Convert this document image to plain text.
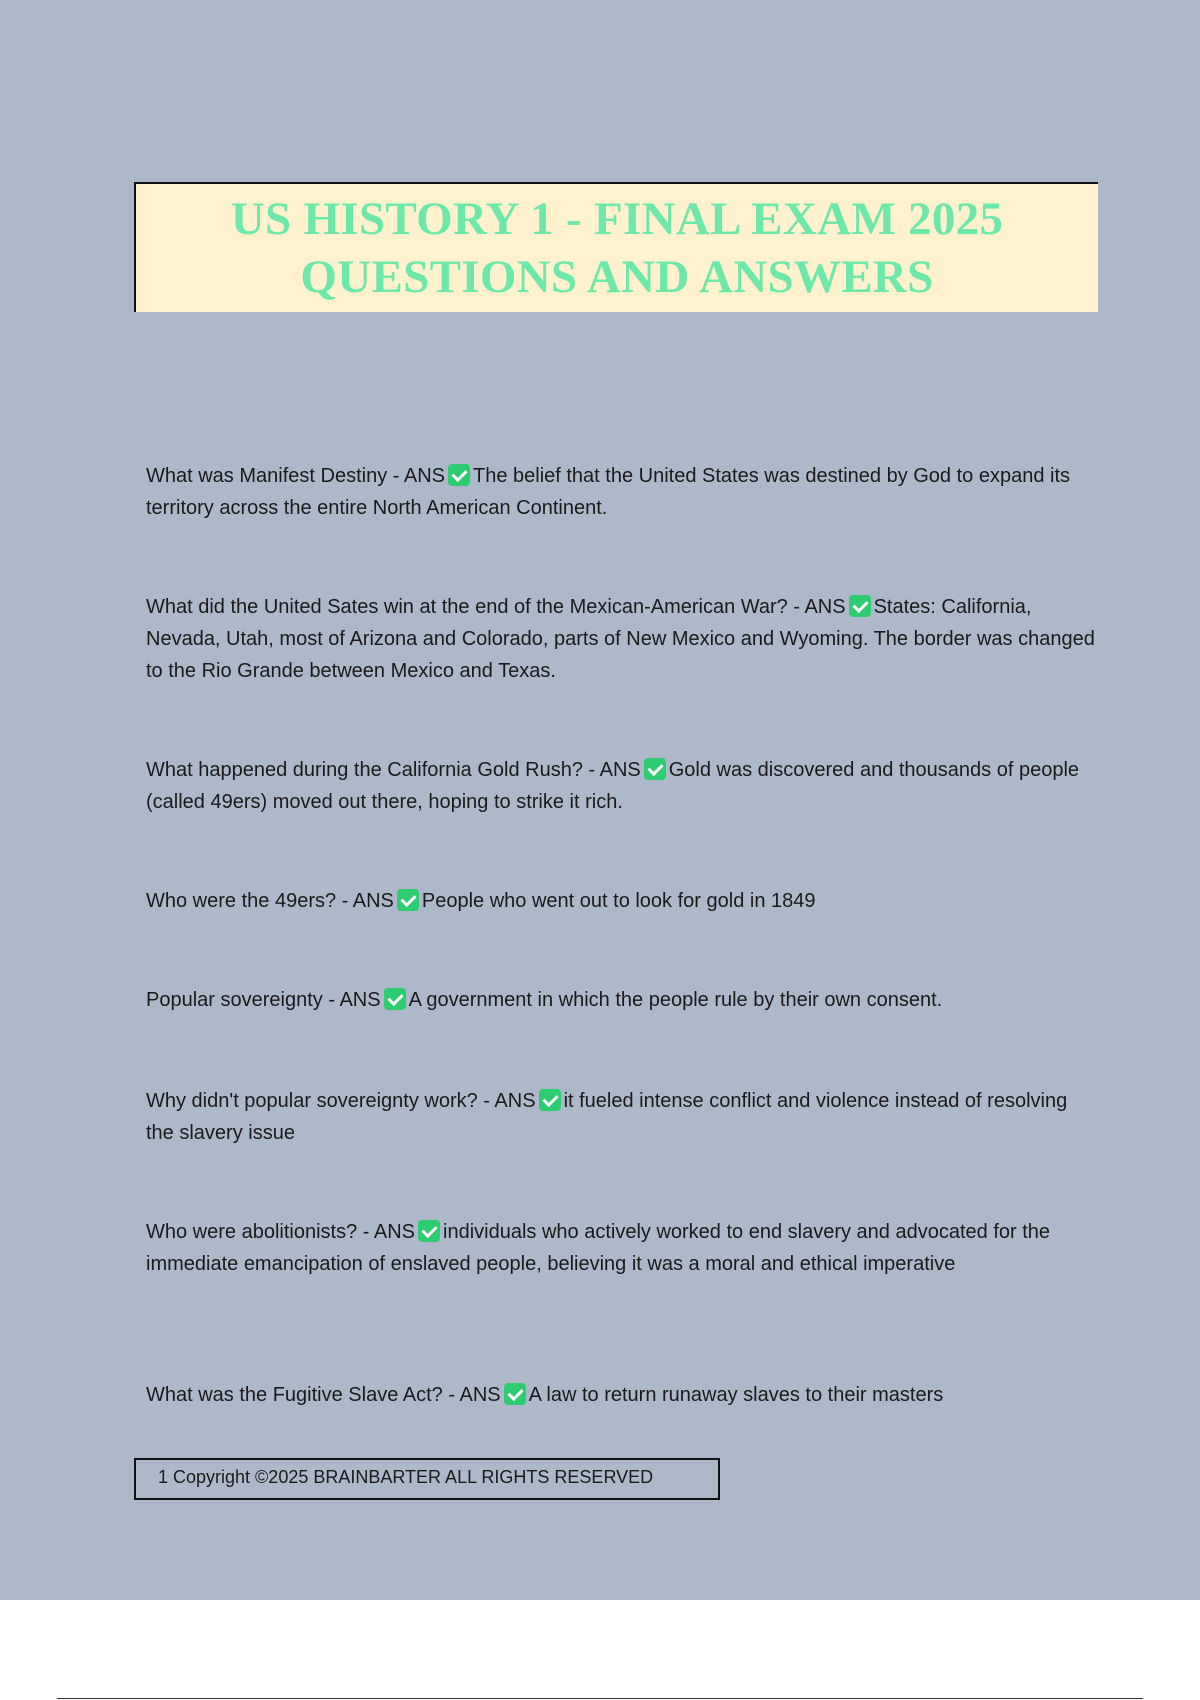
US HISTORY 1 - FINAL EXAM 2025
QUESTIONS AND ANSWERS
What was Manifest Destiny - ANS The belief that the United States was destined by God to expand its territory across the entire North American Continent.
What did the United Sates win at the end of the Mexican-American War? - ANS States: California, Nevada, Utah, most of Arizona and Colorado, parts of New Mexico and Wyoming. The border was changed to the Rio Grande between Mexico and Texas.
What happened during the California Gold Rush? - ANS Gold was discovered and thousands of people (called 49ers) moved out there, hoping to strike it rich.
Who were the 49ers? - ANS People who went out to look for gold in 1849
Popular sovereignty - ANS A government in which the people rule by their own consent.
Why didn't popular sovereignty work? - ANS it fueled intense conflict and violence instead of resolving the slavery issue
Who were abolitionists? - ANS individuals who actively worked to end slavery and advocated for the immediate emancipation of enslaved people, believing it was a moral and ethical imperative
What was the Fugitive Slave Act? - ANS A law to return runaway slaves to their masters
1 Copyright ©2025 BRAINBARTER ALL RIGHTS RESERVED
